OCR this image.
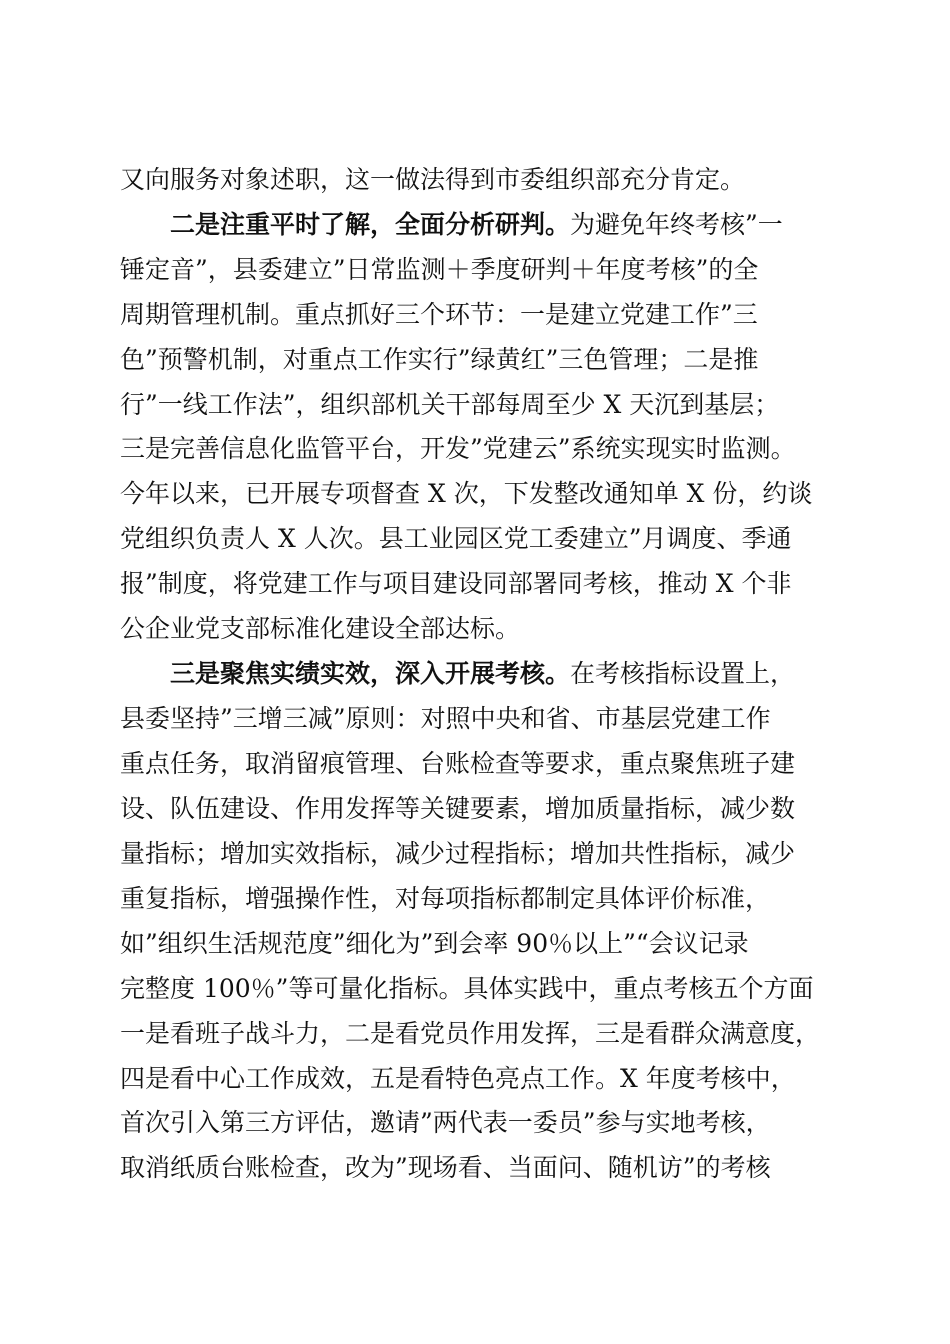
又向服务对象述职，这一做法得到市委组织部充分肯定。
二是注重平时了解，全面分析研判。为避免年终考核”一
锤定音”，县委建立”日常监测＋季度研判＋年度考核”的全
周期管理机制。重点抓好三个环节：一是建立党建工作”三
色”预警机制，对重点工作实行”绿黄红”三色管理；二是推
行”一线工作法”，组织部机关干部每周至少 X 天沉到基层；
三是完善信息化监管平台，开发”党建云”系统实现实时监测。
今年以来，已开展专项督查 X 次，下发整改通知单 X 份，约谈
党组织负责人 X 人次。县工业园区党工委建立”月调度、季通
报”制度，将党建工作与项目建设同部署同考核，推动 X 个非
公企业党支部标准化建设全部达标。
三是聚焦实绩实效，深入开展考核。在考核指标设置上，
县委坚持”三增三减”原则：对照中央和省、市基层党建工作
重点任务，取消留痕管理、台账检查等要求，重点聚焦班子建
设、队伍建设、作用发挥等关键要素，增加质量指标，减少数
量指标；增加实效指标，减少过程指标；增加共性指标，减少
重复指标，增强操作性，对每项指标都制定具体评价标准，
如”组织生活规范度”细化为”到会率 90％以上”“会议记录
完整度 100％”等可量化指标。具体实践中，重点考核五个方面
一是看班子战斗力，二是看党员作用发挥，三是看群众满意度，
四是看中心工作成效，五是看特色亮点工作。X 年度考核中，
首次引入第三方评估，邀请”两代表一委员”参与实地考核，
取消纸质台账检查，改为”现场看、当面问、随机访”的考核
